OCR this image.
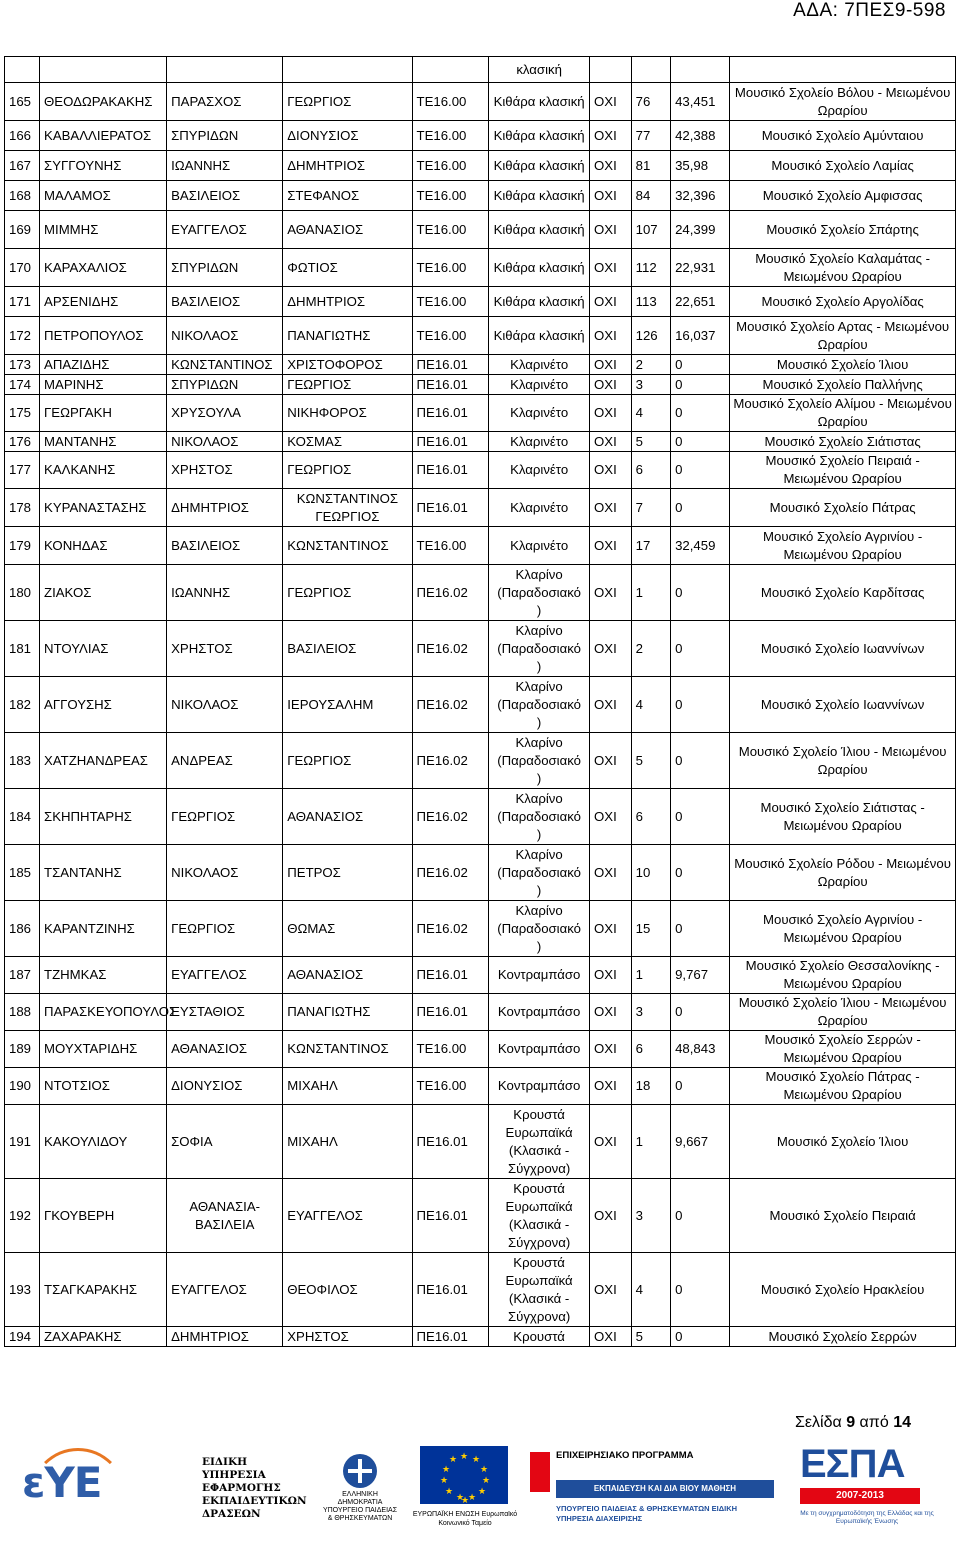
ΑΔΑ: 7ΠΕΣ9-598
					κλασική				
165	ΘΕΟΔΩΡΑΚΑΚΗΣ	ΠΑΡΑΣΧΟΣ	ΓΕΩΡΓΙΟΣ	ΤΕ16.00	Κιθάρα κλασική	ΟΧΙ	76	43,451	Μουσικό Σχολείο Βόλου - Μειωμένου Ωραρίου
166	ΚΑΒΑΛΛΙΕΡΑΤΟΣ	ΣΠΥΡΙΔΩΝ	ΔΙΟΝΥΣΙΟΣ	ΤΕ16.00	Κιθάρα κλασική	ΟΧΙ	77	42,388	Μουσικό Σχολείο Αμύνταιου
167	ΣΥΓΓΟΥΝΗΣ	ΙΩΑΝΝΗΣ	ΔΗΜΗΤΡΙΟΣ	ΤΕ16.00	Κιθάρα κλασική	ΟΧΙ	81	35,98	Μουσικό Σχολείο Λαμίας
168	ΜΑΛΑΜΟΣ	ΒΑΣΙΛΕΙΟΣ	ΣΤΕΦΑΝΟΣ	ΤΕ16.00	Κιθάρα κλασική	ΟΧΙ	84	32,396	Μουσικό Σχολείο Αμφισσας
169	ΜΙΜΜΗΣ	ΕΥΑΓΓΕΛΟΣ	ΑΘΑΝΑΣΙΟΣ	ΤΕ16.00	Κιθάρα κλασική	ΟΧΙ	107	24,399	Μουσικό Σχολείο Σπάρτης
170	ΚΑΡΑΧΑΛΙΟΣ	ΣΠΥΡΙΔΩΝ	ΦΩΤΙΟΣ	ΤΕ16.00	Κιθάρα κλασική	ΟΧΙ	112	22,931	Μουσικό Σχολείο Καλαμάτας - Μειωμένου Ωραρίου
171	ΑΡΣΕΝΙΔΗΣ	ΒΑΣΙΛΕΙΟΣ	ΔΗΜΗΤΡΙΟΣ	ΤΕ16.00	Κιθάρα κλασική	ΟΧΙ	113	22,651	Μουσικό Σχολείο Αργολίδας
172	ΠΕΤΡΟΠΟΥΛΟΣ	ΝΙΚΟΛΑΟΣ	ΠΑΝΑΓΙΩΤΗΣ	ΤΕ16.00	Κιθάρα κλασική	ΟΧΙ	126	16,037	Μουσικό Σχολείο Αρτας - Μειωμένου Ωραρίου
173	ΑΠΑΖΙΔΗΣ	ΚΩΝΣΤΑΝΤΙΝΟΣ	ΧΡΙΣΤΟΦΟΡΟΣ	ΠΕ16.01	Κλαρινέτο	ΟΧΙ	2	0	Μουσικό Σχολείο Ίλιου
174	ΜΑΡΙΝΗΣ	ΣΠΥΡΙΔΩΝ	ΓΕΩΡΓΙΟΣ	ΠΕ16.01	Κλαρινέτο	ΟΧΙ	3	0	Μουσικό Σχολείο Παλλήνης
175	ΓΕΩΡΓΑΚΗ	ΧΡΥΣΟΥΛΑ	ΝΙΚΗΦΟΡΟΣ	ΠΕ16.01	Κλαρινέτο	ΟΧΙ	4	0	Μουσικό Σχολείο Αλίμου - Μειωμένου Ωραρίου
176	ΜΑΝΤΑΝΗΣ	ΝΙΚΟΛΑΟΣ	ΚΟΣΜΑΣ	ΠΕ16.01	Κλαρινέτο	ΟΧΙ	5	0	Μουσικό Σχολείο Σιάτιστας
177	ΚΑΛΚΑΝΗΣ	ΧΡΗΣΤΟΣ	ΓΕΩΡΓΙΟΣ	ΠΕ16.01	Κλαρινέτο	ΟΧΙ	6	0	Μουσικό Σχολείο Πειραιά - Μειωμένου Ωραρίου
178	ΚΥΡΑΝΑΣΤΑΣΗΣ	ΔΗΜΗΤΡΙΟΣ	ΚΩΝΣΤΑΝΤΙΝΟΣ ΓΕΩΡΓΙΟΣ	ΠΕ16.01	Κλαρινέτο	ΟΧΙ	7	0	Μουσικό Σχολείο Πάτρας
179	ΚΟΝΗΔΑΣ	ΒΑΣΙΛΕΙΟΣ	ΚΩΝΣΤΑΝΤΙΝΟΣ	ΤΕ16.00	Κλαρινέτο	ΟΧΙ	17	32,459	Μουσικό Σχολείο Αγρινίου - Μειωμένου Ωραρίου
180	ΖΙΑΚΟΣ	ΙΩΑΝΝΗΣ	ΓΕΩΡΓΙΟΣ	ΠΕ16.02	Κλαρίνο (Παραδοσιακό )	ΟΧΙ	1	0	Μουσικό Σχολείο Καρδίτσας
181	ΝΤΟΥΛΙΑΣ	ΧΡΗΣΤΟΣ	ΒΑΣΙΛΕΙΟΣ	ΠΕ16.02	Κλαρίνο (Παραδοσιακό )	ΟΧΙ	2	0	Μουσικό Σχολείο Ιωαννίνων
182	ΑΓΓΟΥΣΗΣ	ΝΙΚΟΛΑΟΣ	ΙΕΡΟΥΣΑΛΗΜ	ΠΕ16.02	Κλαρίνο (Παραδοσιακό )	ΟΧΙ	4	0	Μουσικό Σχολείο Ιωαννίνων
183	ΧΑΤΖΗΑΝΔΡΕΑΣ	ΑΝΔΡΕΑΣ	ΓΕΩΡΓΙΟΣ	ΠΕ16.02	Κλαρίνο (Παραδοσιακό )	ΟΧΙ	5	0	Μουσικό Σχολείο Ίλιου - Μειωμένου Ωραρίου
184	ΣΚΗΠΗΤΑΡΗΣ	ΓΕΩΡΓΙΟΣ	ΑΘΑΝΑΣΙΟΣ	ΠΕ16.02	Κλαρίνο (Παραδοσιακό )	ΟΧΙ	6	0	Μουσικό Σχολείο Σιάτιστας - Μειωμένου Ωραρίου
185	ΤΣΑΝΤΑΝΗΣ	ΝΙΚΟΛΑΟΣ	ΠΕΤΡΟΣ	ΠΕ16.02	Κλαρίνο (Παραδοσιακό )	ΟΧΙ	10	0	Μουσικό Σχολείο Ρόδου - Μειωμένου Ωραρίου
186	ΚΑΡΑΝΤΖΙΝΗΣ	ΓΕΩΡΓΙΟΣ	ΘΩΜΑΣ	ΠΕ16.02	Κλαρίνο (Παραδοσιακό )	ΟΧΙ	15	0	Μουσικό Σχολείο Αγρινίου - Μειωμένου Ωραρίου
187	ΤΖΗΜΚΑΣ	ΕΥΑΓΓΕΛΟΣ	ΑΘΑΝΑΣΙΟΣ	ΠΕ16.01	Κοντραμπάσο	ΟΧΙ	1	9,767	Μουσικό Σχολείο Θεσσαλονίκης - Μειωμένου Ωραρίου
188	ΠΑΡΑΣΚΕΥΟΠΟΥΛΟΣ	ΕΥΣΤΑΘΙΟΣ	ΠΑΝΑΓΙΩΤΗΣ	ΠΕ16.01	Κοντραμπάσο	ΟΧΙ	3	0	Μουσικό Σχολείο Ίλιου - Μειωμένου Ωραρίου
189	ΜΟΥΧΤΑΡΙΔΗΣ	ΑΘΑΝΑΣΙΟΣ	ΚΩΝΣΤΑΝΤΙΝΟΣ	ΤΕ16.00	Κοντραμπάσο	ΟΧΙ	6	48,843	Μουσικό Σχολείο Σερρών - Μειωμένου Ωραρίου
190	ΝΤΟΤΣΙΟΣ	ΔΙΟΝΥΣΙΟΣ	ΜΙΧΑΗΛ	ΤΕ16.00	Κοντραμπάσο	ΟΧΙ	18	0	Μουσικό Σχολείο Πάτρας - Μειωμένου Ωραρίου
191	ΚΑΚΟΥΛΙΔΟΥ	ΣΟΦΙΑ	ΜΙΧΑΗΛ	ΠΕ16.01	Κρουστά Ευρωπαϊκά (Κλασικά - Σύγχρονα)	ΟΧΙ	1	9,667	Μουσικό Σχολείο Ίλιου
192	ΓΚΟΥΒΕΡΗ	ΑΘΑΝΑΣΙΑ- ΒΑΣΙΛΕΙΑ	ΕΥΑΓΓΕΛΟΣ	ΠΕ16.01	Κρουστά Ευρωπαϊκά (Κλασικά - Σύγχρονα)	ΟΧΙ	3	0	Μουσικό Σχολείο Πειραιά
193	ΤΣΑΓΚΑΡΑΚΗΣ	ΕΥΑΓΓΕΛΟΣ	ΘΕΟΦΙΛΟΣ	ΠΕ16.01	Κρουστά Ευρωπαϊκά (Κλασικά - Σύγχρονα)	ΟΧΙ	4	0	Μουσικό Σχολείο Ηρακλείου
194	ΖΑΧΑΡΑΚΗΣ	ΔΗΜΗΤΡΙΟΣ	ΧΡΗΣΤΟΣ	ΠΕ16.01	Κρουστά	ΟΧΙ	5	0	Μουσικό Σχολείο Σερρών
Σελίδα 9 από 14
εΥΕ	ΕΙΔΙΚΗ ΥΠΗΡΕΣΙΑ ΕΦΑΡΜΟΓΗΣ ΕΚΠΑΙΔΕΥΤΙΚΩΝ ΔΡΑΣΕΩΝ
ΕΛΛΗΝΙΚΗ ΔΗΜΟΚΡΑΤΙΑ ΥΠΟΥΡΓΕΙΟ ΠΑΙΔΕΙΑΣ & ΘΡΗΣΚΕΥΜΑΤΩΝ
★ ★
★
★
★
★
★
★
★
★
★
★
ΕΥΡΩΠΑΪΚΗ ΕΝΩΣΗ Ευρωπαϊκό Κοινωνικό Ταμείο
ΕΠΙΧΕΙΡΗΣΙΑΚΟ ΠΡΟΓΡΑΜΜΑ
ΕΚΠΑΙΔΕΥΣΗ ΚΑΙ ΔΙΑ ΒΙΟΥ ΜΑΘΗΣΗ
ΥΠΟΥΡΓΕΙΟ ΠΑΙΔΕΙΑΣ & ΘΡΗΣΚΕΥΜΑΤΩΝ ΕΙΔΙΚΗ ΥΠΗΡΕΣΙΑ ΔΙΑΧΕΙΡΙΣΗΣ
ΕΣΠΑ
2007-2013
Με τη συγχρηματοδότηση της Ελλάδας και της Ευρωπαϊκής Ένωσης
